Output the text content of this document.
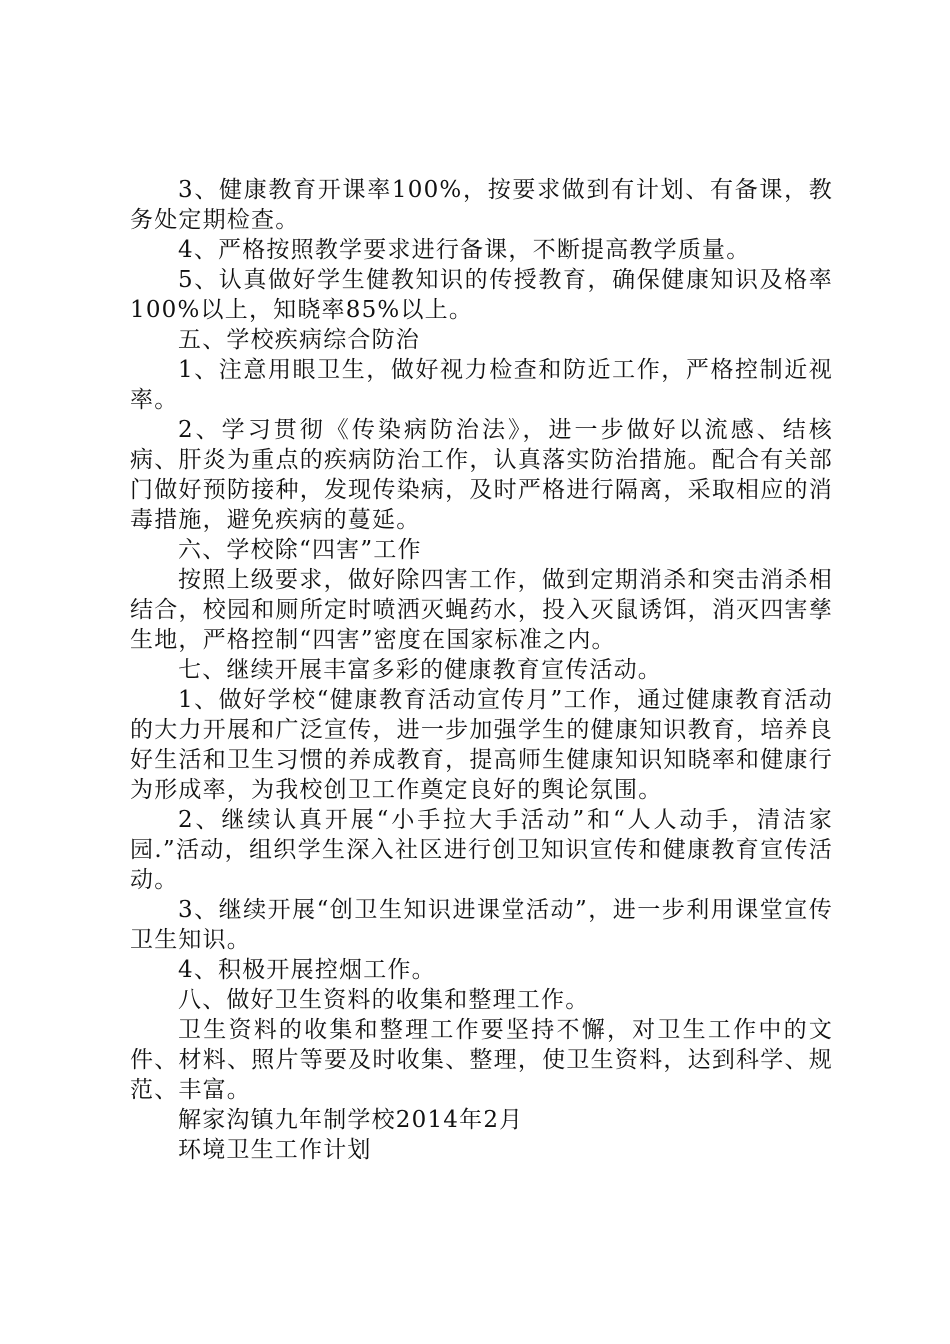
3、健康教育开课率100%，按要求做到有计划、有备课，教务处定期检查。

4、严格按照教学要求进行备课，不断提高教学质量。

5、认真做好学生健教知识的传授教育，确保健康知识及格率100%以上，知晓率85%以上。

五、学校疾病综合防治

1、注意用眼卫生，做好视力检查和防近工作，严格控制近视率。

2、学习贯彻《传染病防治法》，进一步做好以流感、结核病、肝炎为重点的疾病防治工作，认真落实防治措施。配合有关部门做好预防接种，发现传染病，及时严格进行隔离，采取相应的消毒措施，避免疾病的蔓延。

六、学校除“四害”工作

按照上级要求，做好除四害工作，做到定期消杀和突击消杀相结合，校园和厕所定时喷洒灭蝇药水，投入灭鼠诱饵，消灭四害孳生地，严格控制“四害”密度在国家标准之内。

七、继续开展丰富多彩的健康教育宣传活动。

1、做好学校“健康教育活动宣传月”工作，通过健康教育活动的大力开展和广泛宣传，进一步加强学生的健康知识教育，培养良好生活和卫生习惯的养成教育，提高师生健康知识知晓率和健康行为形成率，为我校创卫工作奠定良好的舆论氛围。

2、继续认真开展“小手拉大手活动”和“人人动手，清洁家园.”活动，组织学生深入社区进行创卫知识宣传和健康教育宣传活动。

3、继续开展“创卫生知识进课堂活动”，进一步利用课堂宣传卫生知识。

4、积极开展控烟工作。

八、做好卫生资料的收集和整理工作。

卫生资料的收集和整理工作要坚持不懈，对卫生工作中的文件、材料、照片等要及时收集、整理，使卫生资料，达到科学、规范、丰富。

解家沟镇九年制学校2014年2月

环境卫生工作计划
